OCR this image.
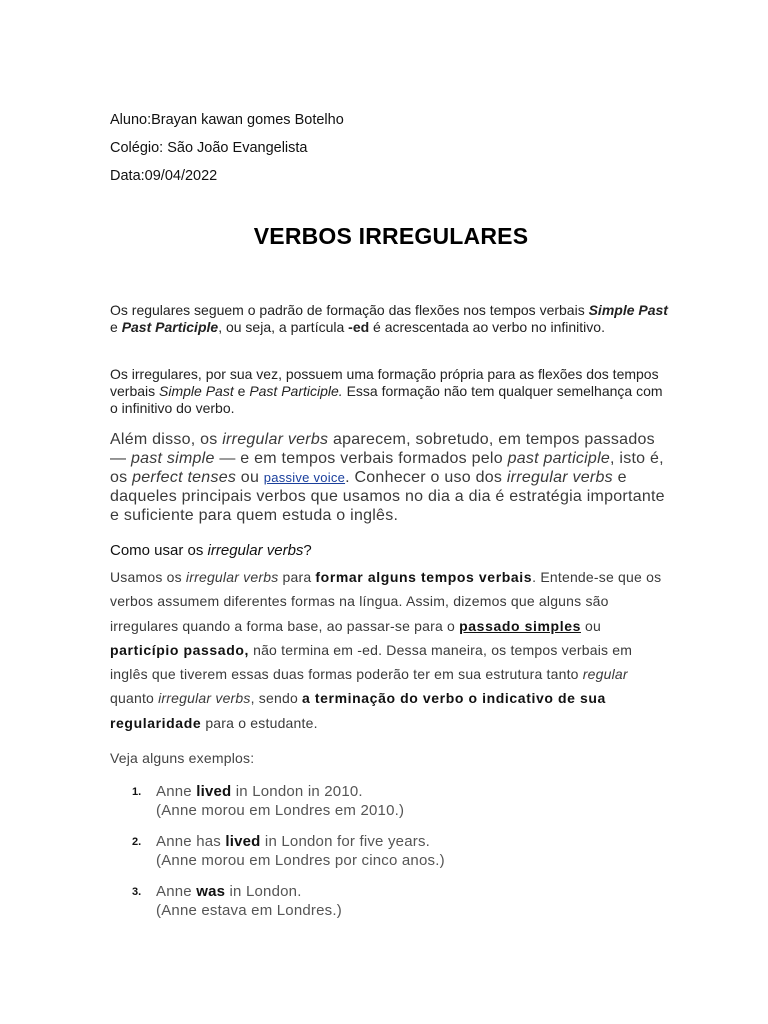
Aluno:Brayan kawan gomes Botelho
Colégio: São João Evangelista
Data:09/04/2022
VERBOS IRREGULARES
Os regulares seguem o padrão de formação das flexões nos tempos verbais Simple Past e Past Participle, ou seja, a partícula -ed é acrescentada ao verbo no infinitivo.
Os irregulares, por sua vez, possuem uma formação própria para as flexões dos tempos verbais Simple Past e Past Participle. Essa formação não tem qualquer semelhança com o infinitivo do verbo.
Além disso, os irregular verbs aparecem, sobretudo, em tempos passados — past simple — e em tempos verbais formados pelo past participle, isto é, os perfect tenses ou passive voice. Conhecer o uso dos irregular verbs e daqueles principais verbos que usamos no dia a dia é estratégia importante e suficiente para quem estuda o inglês.
Como usar os irregular verbs?
Usamos os irregular verbs para formar alguns tempos verbais. Entende-se que os verbos assumem diferentes formas na língua. Assim, dizemos que alguns são irregulares quando a forma base, ao passar-se para o passado simples ou particípio passado, não termina em -ed. Dessa maneira, os tempos verbais em inglês que tiverem essas duas formas poderão ter em sua estrutura tanto regular quanto irregular verbs, sendo a terminação do verbo o indicativo de sua regularidade para o estudante.
Veja alguns exemplos:
1. Anne lived in London in 2010.
(Anne morou em Londres em 2010.)
2. Anne has lived in London for five years.
(Anne morou em Londres por cinco anos.)
3. Anne was in London.
(Anne estava em Londres.)
